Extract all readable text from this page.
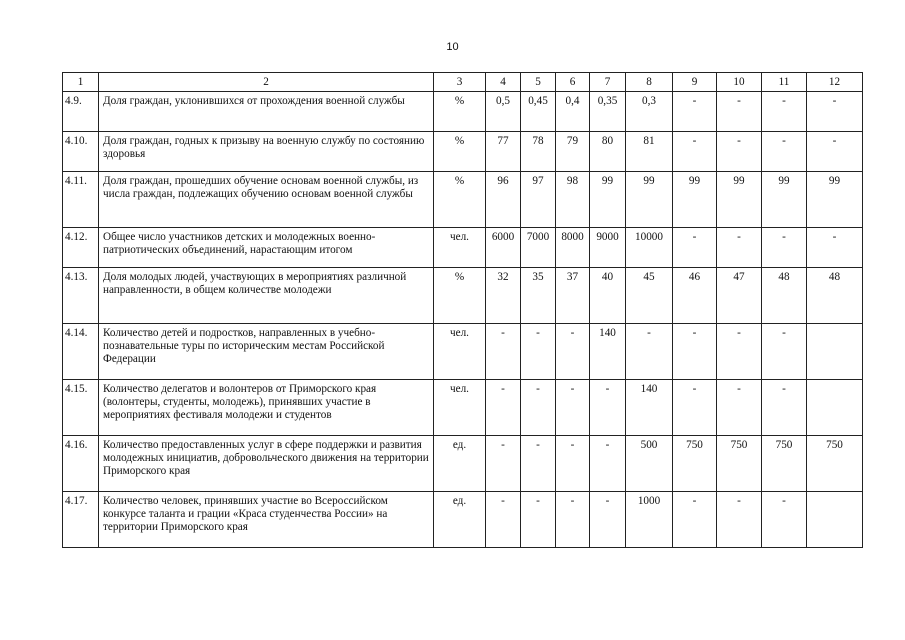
10
1	2	3	4	5	6	7	8	9	10	11	12
4.9.	Доля граждан, уклонившихся от прохождения военной службы	%	0,5	0,45	0,4	0,35	0,3	-	-	-	-
4.10.	Доля граждан, годных к призыву на военную службу по состоянию здоровья	%	77	78	79	80	81	-	-	-	-
4.11.	Доля граждан, прошедших обучение основам военной службы, из числа граждан, подлежащих обучению основам военной службы	%	96	97	98	99	99	99	99	99	99
4.12.	Общее число участников детских и молодежных военно-патриотических объединений, нарастающим итогом	чел.	6000	7000	8000	9000	10000	-	-	-	-
4.13.	Доля молодых людей, участвующих в мероприятиях различной направленности, в общем количестве молодежи	%	32	35	37	40	45	46	47	48	48
4.14.	Количество детей и подростков, направленных в учебно-познавательные туры по историческим местам Российской Федерации	чел.	-	-	-	140	-	-	-	-	
4.15.	Количество делегатов и волонтеров от Приморского края (волонтеры, студенты, молодежь), принявших участие в мероприятиях фестиваля молодежи и студентов	чел.	-	-	-	-	140	-	-	-	
4.16.	Количество предоставленных услуг в сфере поддержки и развития молодежных инициатив, добровольческого движения на территории Приморского края	ед.	-	-	-	-	500	750	750	750	750
4.17.	Количество человек, принявших участие во Всероссийском конкурсе таланта и грации «Краса студенчества России» на территории Приморского края	ед.	-	-	-	-	1000	-	-	-	
